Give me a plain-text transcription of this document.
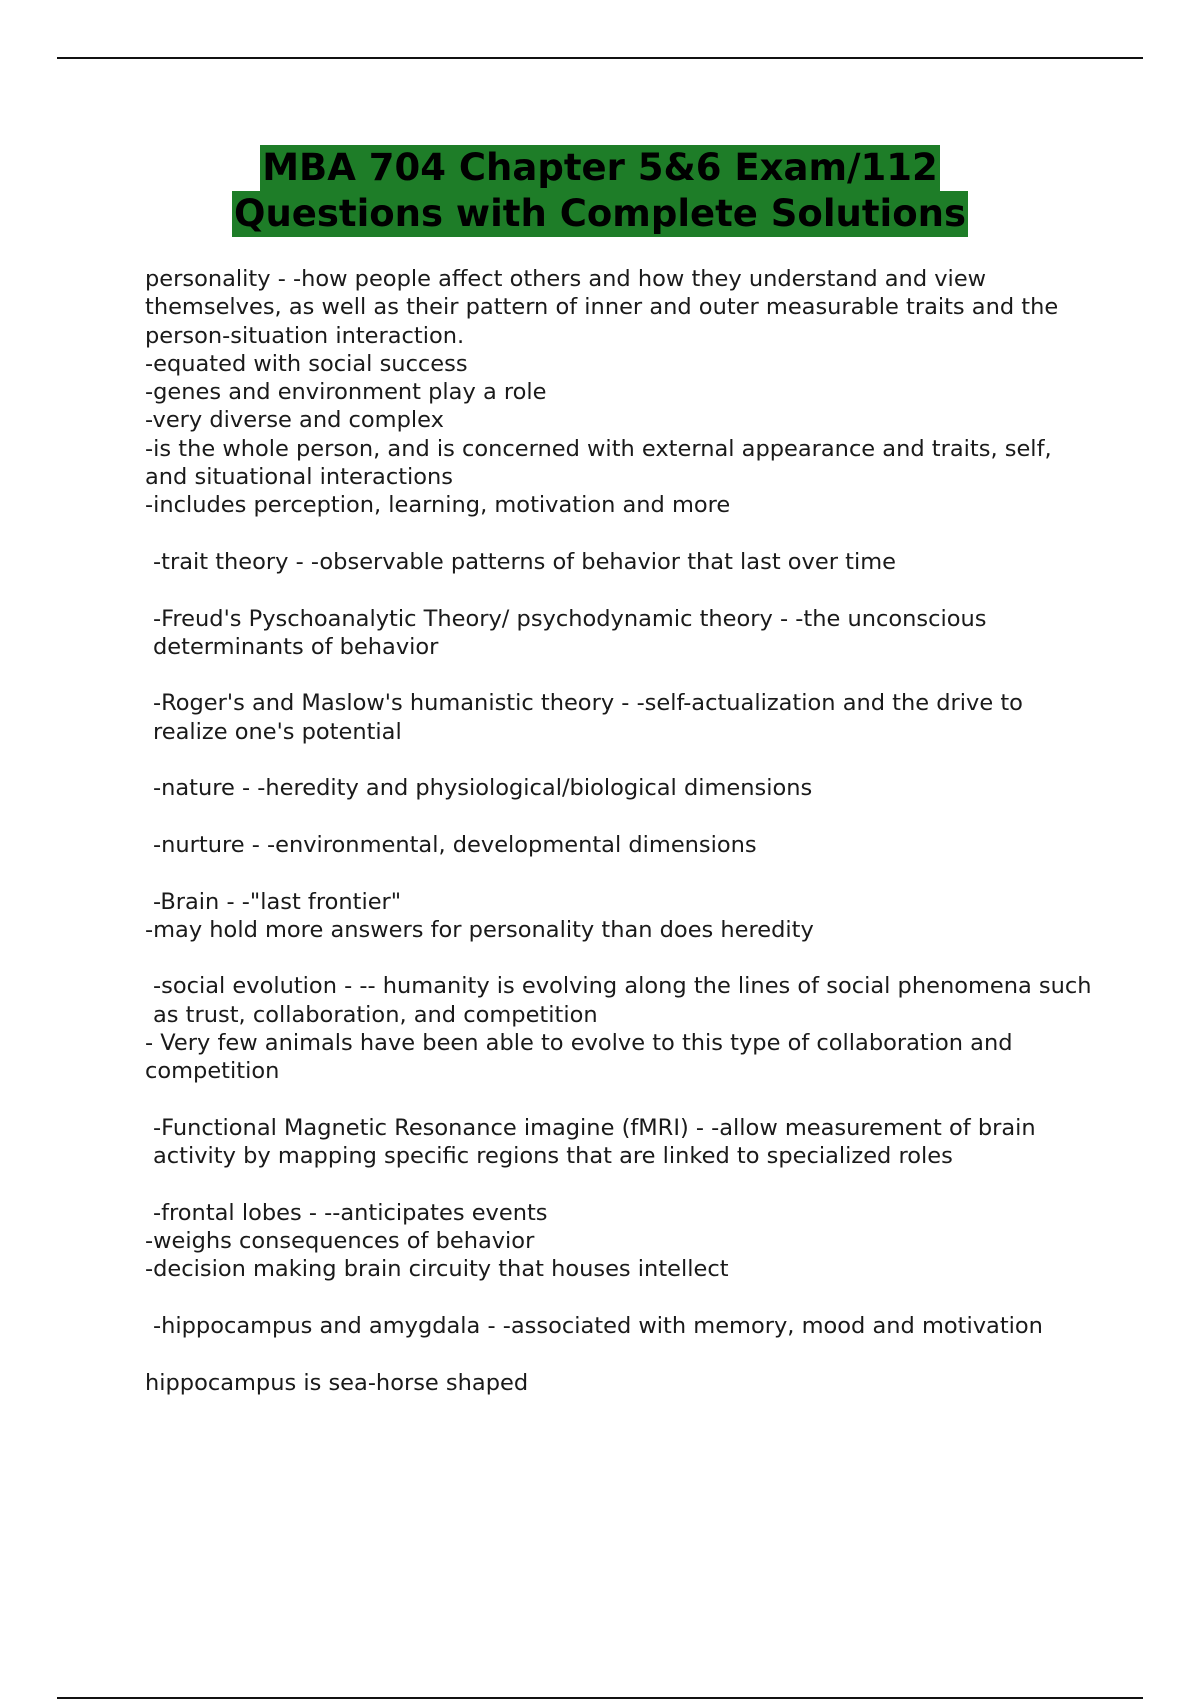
MBA 704 Chapter 5&6 Exam/112
Questions with Complete Solutions

personality - -how people affect others and how they understand and view themselves, as well as their pattern of inner and outer measurable traits and the person-situation interaction.

-equated with social success

-genes and environment play a role

-very diverse and complex

-is the whole person, and is concerned with external appearance and traits, self, and situational interactions

-includes perception, learning, motivation and more

-trait theory - -observable patterns of behavior that last over time

-Freud's Pyschoanalytic Theory/ psychodynamic theory - -the unconscious determinants of behavior

-Roger's and Maslow's humanistic theory - -self-actualization and the drive to realize one's potential

-nature - -heredity and physiological/biological dimensions

-nurture - -environmental, developmental dimensions

-Brain - -"last frontier"

-may hold more answers for personality than does heredity

-social evolution - -- humanity is evolving along the lines of social phenomena such as trust, collaboration, and competition

- Very few animals have been able to evolve to this type of collaboration and competition

-Functional Magnetic Resonance imagine (fMRI) - -allow measurement of brain activity by mapping specific regions that are linked to specialized roles

-frontal lobes - --anticipates events

-weighs consequences of behavior

-decision making brain circuity that houses intellect

-hippocampus and amygdala - -associated with memory, mood and motivation

hippocampus is sea-horse shaped
